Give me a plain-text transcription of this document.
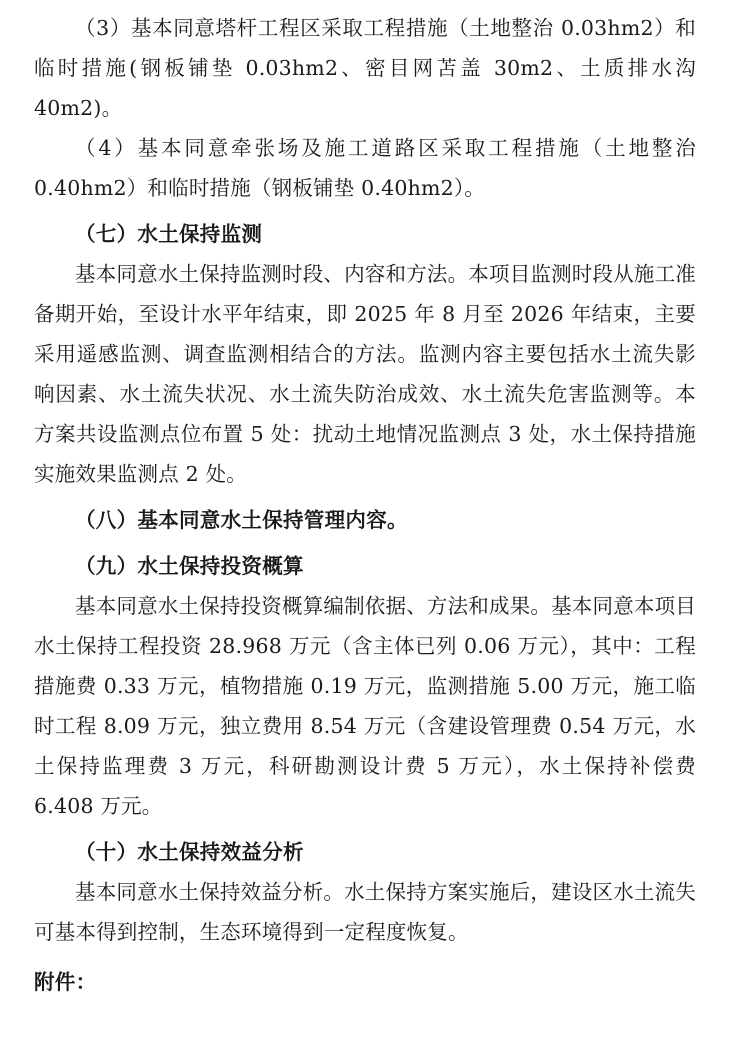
（3）基本同意塔杆工程区采取工程措施（土地整治 0.03hm2）和临时措施(钢板铺垫 0.03hm2、密目网苫盖 30m2、土质排水沟 40m2)。

（4）基本同意牵张场及施工道路区采取工程措施（土地整治 0.40hm2）和临时措施（钢板铺垫 0.40hm2）。

（七）水土保持监测

基本同意水土保持监测时段、内容和方法。本项目监测时段从施工准备期开始，至设计水平年结束，即 2025 年 8 月至 2026 年结束，主要采用遥感监测、调查监测相结合的方法。监测内容主要包括水土流失影响因素、水土流失状况、水土流失防治成效、水土流失危害监测等。本方案共设监测点位布置 5 处：扰动土地情况监测点 3 处，水土保持措施实施效果监测点 2 处。

（八）基本同意水土保持管理内容。

（九）水土保持投资概算

基本同意水土保持投资概算编制依据、方法和成果。基本同意本项目水土保持工程投资 28.968 万元（含主体已列 0.06 万元），其中：工程措施费 0.33 万元，植物措施 0.19 万元，监测措施 5.00 万元，施工临时工程 8.09 万元，独立费用 8.54 万元（含建设管理费 0.54 万元，水土保持监理费 3 万元，科研勘测设计费 5 万元），水土保持补偿费 6.408 万元。

（十）水土保持效益分析

基本同意水土保持效益分析。水土保持方案实施后，建设区水土流失可基本得到控制，生态环境得到一定程度恢复。

附件：
